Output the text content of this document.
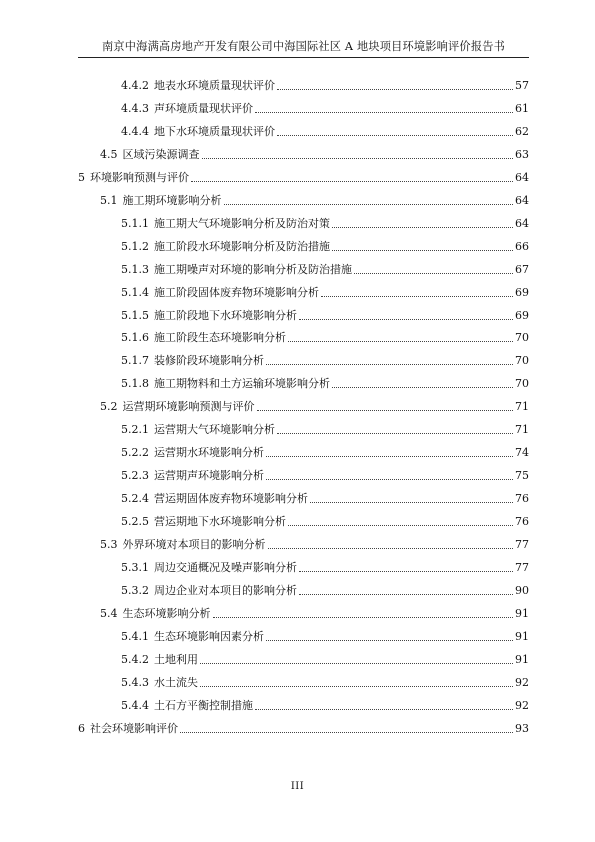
南京中海满高房地产开发有限公司中海国际社区 A 地块项目环境影响评价报告书
4.4.2 地表水环境质量现状评价	57
4.4.3 声环境质量现状评价	61
4.4.4 地下水环境质量现状评价	62
4.5 区域污染源调查	63
5 环境影响预测与评价	64
5.1 施工期环境影响分析	64
5.1.1 施工期大气环境影响分析及防治对策	64
5.1.2 施工阶段水环境影响分析及防治措施	66
5.1.3 施工期噪声对环境的影响分析及防治措施	67
5.1.4 施工阶段固体废弃物环境影响分析	69
5.1.5 施工阶段地下水环境影响分析	69
5.1.6 施工阶段生态环境影响分析	70
5.1.7 装修阶段环境影响分析	70
5.1.8 施工期物料和土方运输环境影响分析	70
5.2 运营期环境影响预测与评价	71
5.2.1 运营期大气环境影响分析	71
5.2.2 运营期水环境影响分析	74
5.2.3 运营期声环境影响分析	75
5.2.4 营运期固体废弃物环境影响分析	76
5.2.5 营运期地下水环境影响分析	76
5.3 外界环境对本项目的影响分析	77
5.3.1 周边交通概况及噪声影响分析	77
5.3.2 周边企业对本项目的影响分析	90
5.4 生态环境影响分析	91
5.4.1 生态环境影响因素分析	91
5.4.2 土地利用	91
5.4.3 水土流失	92
5.4.4 土石方平衡控制措施	92
6 社会环境影响评价	93
III
